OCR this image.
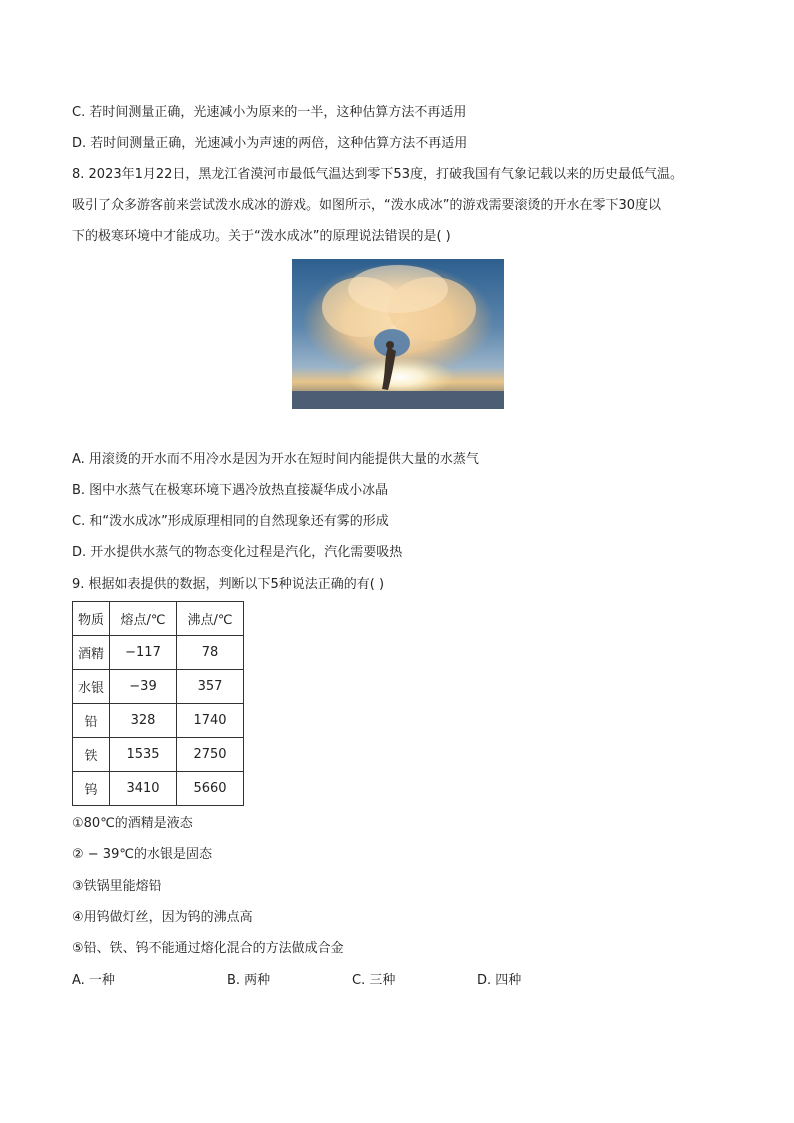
C. 若时间测量正确，光速减小为原来的一半，这种估算方法不再适用
D. 若时间测量正确，光速减小为声速的两倍，这种估算方法不再适用
8. 2023年1月22日，黑龙江省漠河市最低气温达到零下53度，打破我国有气象记载以来的历史最低气温。
吸引了众多游客前来尝试泼水成冰的游戏。如图所示，“泼水成冰”的游戏需要滚烫的开水在零下30度以
下的极寒环境中才能成功。关于“泼水成冰”的原理说法错误的是( )
A. 用滚烫的开水而不用冷水是因为开水在短时间内能提供大量的水蒸气
B. 图中水蒸气在极寒环境下遇冷放热直接凝华成小冰晶
C. 和“泼水成冰”形成原理相同的自然现象还有雾的形成
D. 开水提供水蒸气的物态变化过程是汽化，汽化需要吸热
9. 根据如表提供的数据，判断以下5种说法正确的有( )
物质	熔点/℃	沸点/℃
酒精	−117	78
水银	−39	357
铅	328	1740
铁	1535	2750
钨	3410	5660
①80℃的酒精是液态
② − 39℃的水银是固态
③铁锅里能熔铅
④用钨做灯丝，因为钨的沸点高
⑤铅、铁、钨不能通过熔化混合的方法做成合金
A. 一种	B. 两种	C. 三种	D. 四种
